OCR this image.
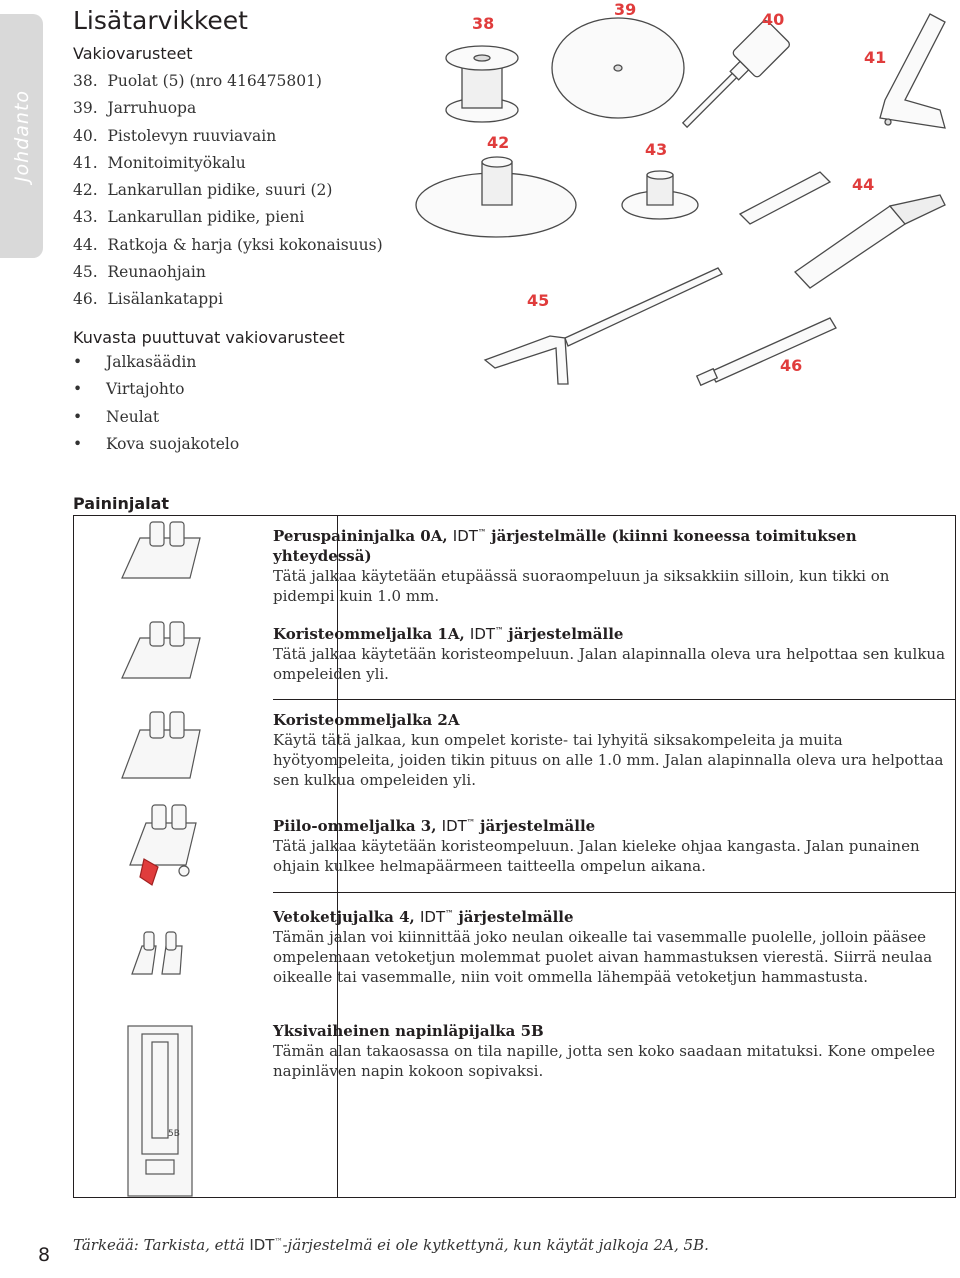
Johdanto
Lisätarvikkeet
Vakiovarusteet
38.  Puolat (5) (nro 416475801)
39.  Jarruhuopa
40.  Pistolevyn ruuviavain
41.  Monitoimityökalu
42.  Lankarullan pidike, suuri (2)
43.  Lankarullan pidike, pieni
44.  Ratkoja & harja (yksi kokonaisuus)
45.  Reunaohjain
46.  Lisälankatappi
Kuvasta puuttuvat vakiovarusteet
• Jalkasäädin
• Virtajohto
• Neulat
• Kova suojakotelo
38
39
40
41
42	43
44
45
46
Paininjalat
5B
Peruspaininjalka 0A, IDT™ järjestelmälle (kiinni koneessa toimituksen yhteydessä)
Tätä jalkaa käytetään etupäässä suoraompeluun ja siksakkiin silloin, kun tikki on pidempi kuin 1.0 mm.
Koristeommeljalka 1A, IDT™ järjestelmälle
Tätä jalkaa käytetään koristeompeluun. Jalan alapinnalla oleva ura helpottaa sen kulkua ompeleiden yli.
Koristeommeljalka 2A
Käytä tätä jalkaa, kun ompelet koriste- tai lyhyitä siksakompeleita ja muita hyötyompeleita, joiden tikin pituus on alle 1.0 mm. Jalan alapinnalla oleva ura helpottaa sen kulkua ompeleiden yli.
Piilo-ommeljalka 3, IDT™ järjestelmälle
Tätä jalkaa käytetään koristeompeluun. Jalan kieleke ohjaa kangasta. Jalan punainen ohjain kulkee helmapäärmeen taitteella ompelun aikana.
Vetoketjujalka 4, IDT™ järjestelmälle
Tämän jalan voi kiinnittää joko neulan oikealle tai vasemmalle puolelle, jolloin pääsee ompelemaan vetoketjun molemmat puolet aivan hammastuksen vierestä. Siirrä neulaa oikealle tai vasemmalle, niin voit ommella lähempää vetoketjun hammastusta.
Yksivaiheinen napinläpijalka 5B
Tämän alan takaosassa on tila napille, jotta sen koko saadaan mitatuksi. Kone ompelee napinläven napin kokoon sopivaksi.
Tärkeää: Tarkista, että IDT™-järjestelmä ei ole kytkettynä, kun käytät jalkoja 2A, 5B.
8
